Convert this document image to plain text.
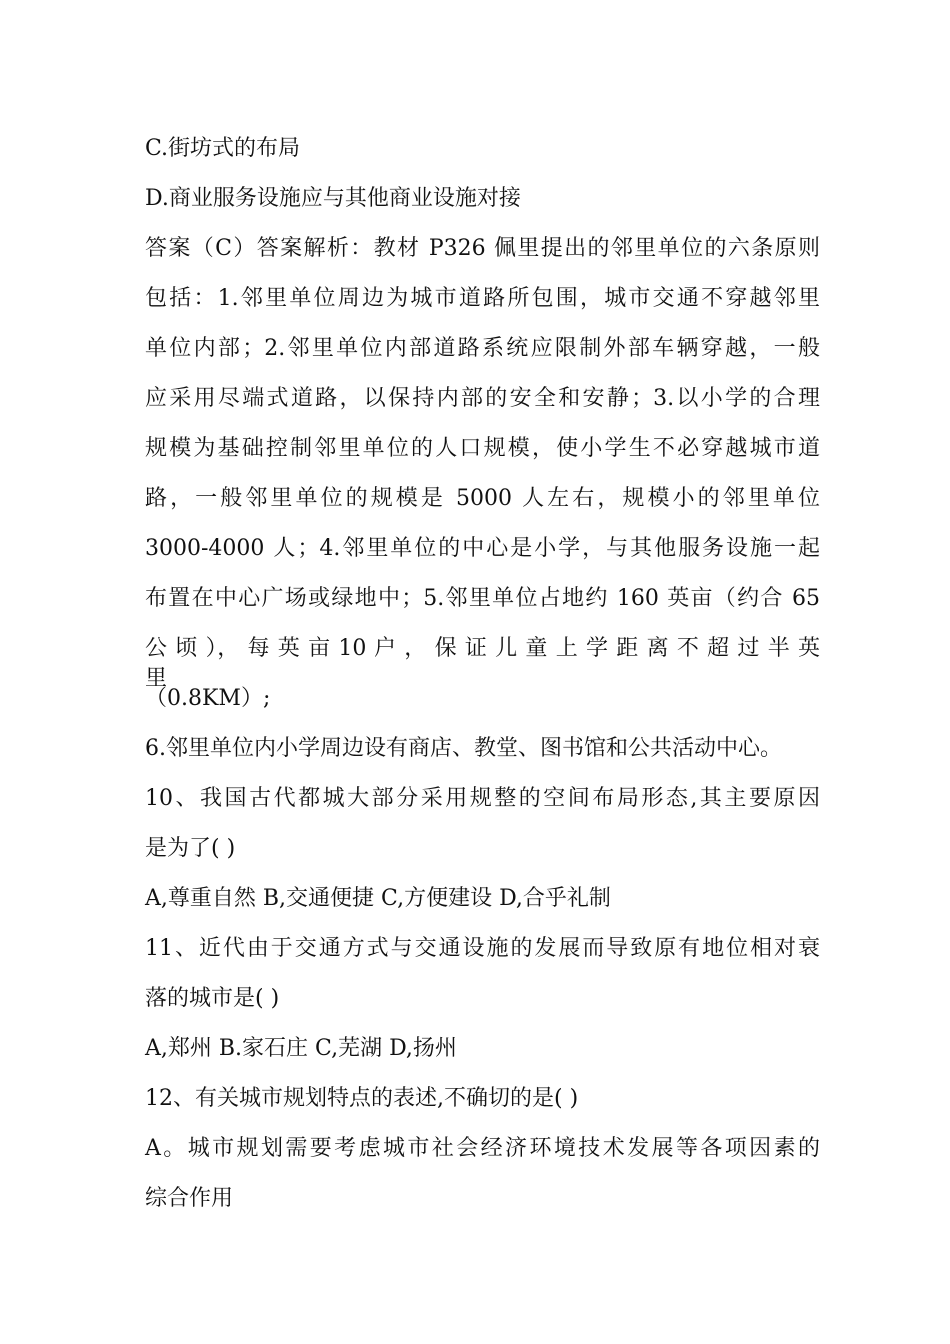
C.街坊式的布局
D.商业服务设施应与其他商业设施对接
答案（C）答案解析：教材 P326 佩里提出的邻里单位的六条原则
包括：1.邻里单位周边为城市道路所包围，城市交通不穿越邻里
单位内部；2.邻里单位内部道路系统应限制外部车辆穿越，一般
应采用尽端式道路，以保持内部的安全和安静；3.以小学的合理
规模为基础控制邻里单位的人口规模，使小学生不必穿越城市道
路，一般邻里单位的规模是 5000 人左右，规模小的邻里单位
3000-4000 人；4.邻里单位的中心是小学，与其他服务设施一起
布置在中心广场或绿地中；5.邻里单位占地约 160 英亩（约合 65
公 顷 ）， 每 英 亩 10 户 ， 保 证 儿 童 上 学 距 离 不 超 过 半 英 里
（0.8KM）;
6.邻里单位内小学周边设有商店、教堂、图书馆和公共活动中心。
10、我国古代都城大部分采用规整的空间布局形态,其主要原因
是为了( )
A,尊重自然 B,交通便捷 C,方便建设 D,合乎礼制
11、近代由于交通方式与交通设施的发展而导致原有地位相对衰
落的城市是( )
A,郑州 B.家石庄 C,芜湖 D,扬州
12、有关城市规划特点的表述,不确切的是( )
A。城市规划需要考虑城市社会经济环境技术发展等各项因素的
综合作用
